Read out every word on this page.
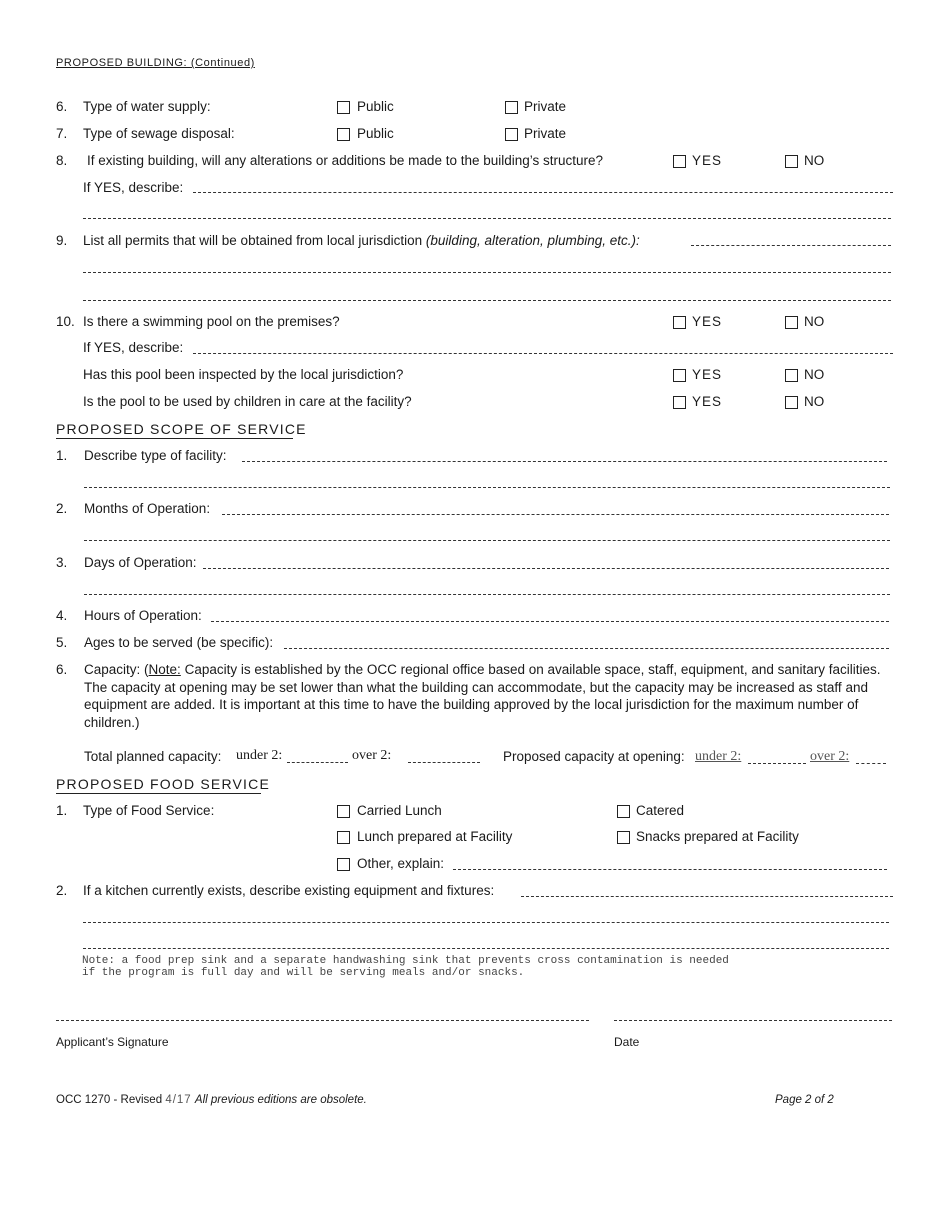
PROPOSED BUILDING: (Continued)
6. Type of water supply:	Public	Private
7. Type of sewage disposal:	Public	Private
8. If existing building, will any alterations or additions be made to the building’s structure?	YES	NO
If YES, describe:
9. List all permits that will be obtained from local jurisdiction (building, alteration, plumbing, etc.):
10. Is there a swimming pool on the premises?	YES	NO
If YES, describe:
Has this pool been inspected by the local jurisdiction?	YES	NO
Is the pool to be used by children in care at the facility?	YES	NO
PROPOSED SCOPE OF SERVICE
1. Describe type of facility:
2. Months of Operation:
3. Days of Operation:
4. Hours of Operation:
5. Ages to be served (be specific):
6. Capacity: (Note: Capacity is established by the OCC regional office based on available space, staff, equipment, and sanitary facilities. The capacity at opening may be set lower than what the building can accommodate, but the capacity may be increased as staff and equipment are added. It is important at this time to have the building approved by the local jurisdiction for the maximum number of children.)
Total planned capacity: under 2:	over 2:	Proposed capacity at opening: under 2:	over 2:
PROPOSED FOOD SERVICE
1. Type of Food Service:	Carried Lunch	Catered
Lunch prepared at Facility	Snacks prepared at Facility
Other, explain:
2. If a kitchen currently exists, describe existing equipment and fixtures:
Note: a food prep sink and a separate handwashing sink that prevents cross contamination is needed
if the program is full day and will be serving meals and/or snacks.
Applicant’s Signature	Date
OCC 1270 - Revised 4/17 All previous editions are obsolete.	Page 2 of 2
